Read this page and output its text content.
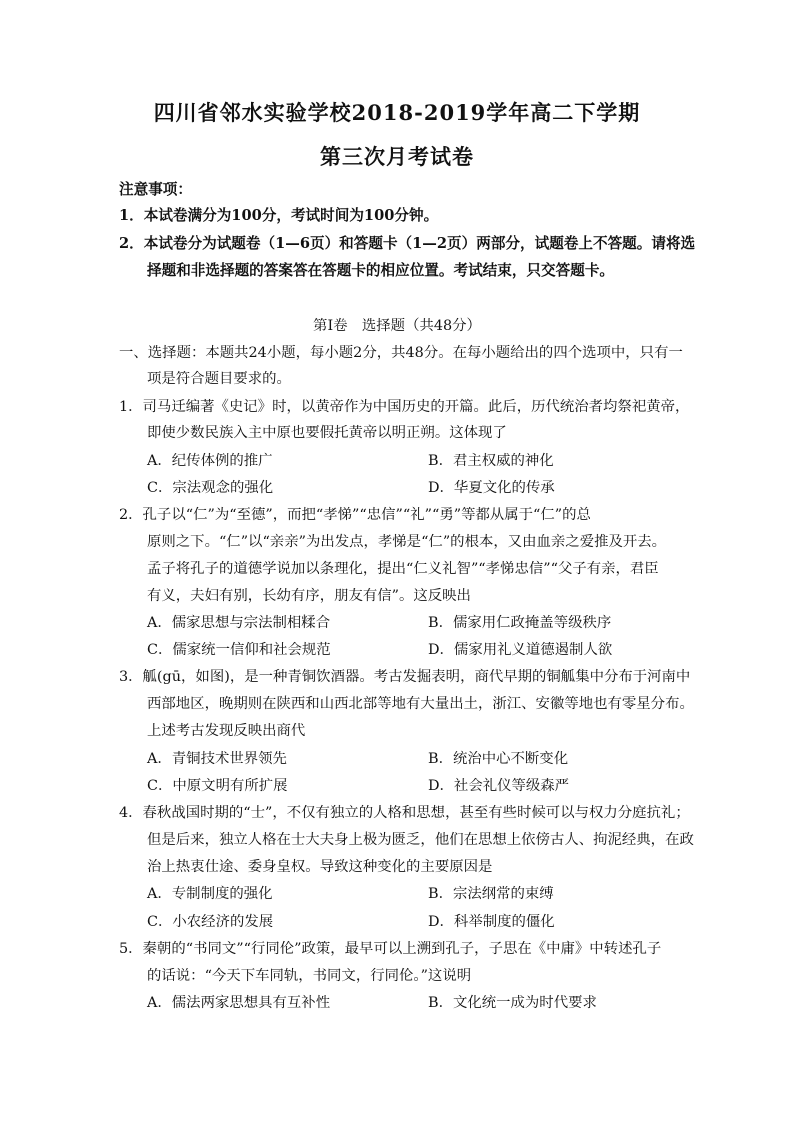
四川省邻水实验学校2018-2019学年高二下学期
第三次月考试卷
注意事项：
1．本试卷满分为100分，考试时间为100分钟。
2．本试卷分为试题卷（1—6页）和答题卡（1—2页）两部分，试题卷上不答题。请将选
择题和非选择题的答案答在答题卡的相应位置。考试结束，只交答题卡。
第Ⅰ卷　选择题（共48分）
一、选择题：本题共24小题，每小题2分，共48分。在每小题给出的四个选项中，只有一
项是符合题目要求的。
1．司马迁编著《史记》时，以黄帝作为中国历史的开篇。此后，历代统治者均祭祀黄帝，
即使少数民族入主中原也要假托黄帝以明正朔。这体现了
A．纪传体例的推广	B．君主权威的神化
C．宗法观念的强化	D．华夏文化的传承
2．孔子以“仁”为“至德”，而把“孝悌”“忠信”“礼”“勇”等都从属于“仁”的总
原则之下。“仁”以“亲亲”为出发点，孝悌是“仁”的根本，又由血亲之爱推及开去。
孟子将孔子的道德学说加以条理化，提出“仁义礼智”“孝悌忠信”“父子有亲，君臣
有义，夫妇有别，长幼有序，朋友有信”。这反映出
A．儒家思想与宗法制相糅合	B．儒家用仁政掩盖等级秩序
C．儒家统一信仰和社会规范	D．儒家用礼义道德遏制人欲
3．觚(gū，如图)，是一种青铜饮酒器。考古发掘表明，商代早期的铜觚集中分布于河南中
西部地区，晚期则在陕西和山西北部等地有大量出土，浙江、安徽等地也有零星分布。
上述考古发现反映出商代
A．青铜技术世界领先	B．统治中心不断变化
C．中原文明有所扩展	D．社会礼仪等级森严
4．春秋战国时期的“士”，不仅有独立的人格和思想，甚至有些时候可以与权力分庭抗礼；
但是后来，独立人格在士大夫身上极为匮乏，他们在思想上依傍古人、拘泥经典，在政
治上热衷仕途、委身皇权。导致这种变化的主要原因是
A．专制制度的强化	B．宗法纲常的束缚
C．小农经济的发展	D．科举制度的僵化
5．秦朝的“书同文”“行同伦”政策，最早可以上溯到孔子，子思在《中庸》中转述孔子
的话说：“今天下车同轨，书同文，行同伦。”这说明
A．儒法两家思想具有互补性	B．文化统一成为时代要求
